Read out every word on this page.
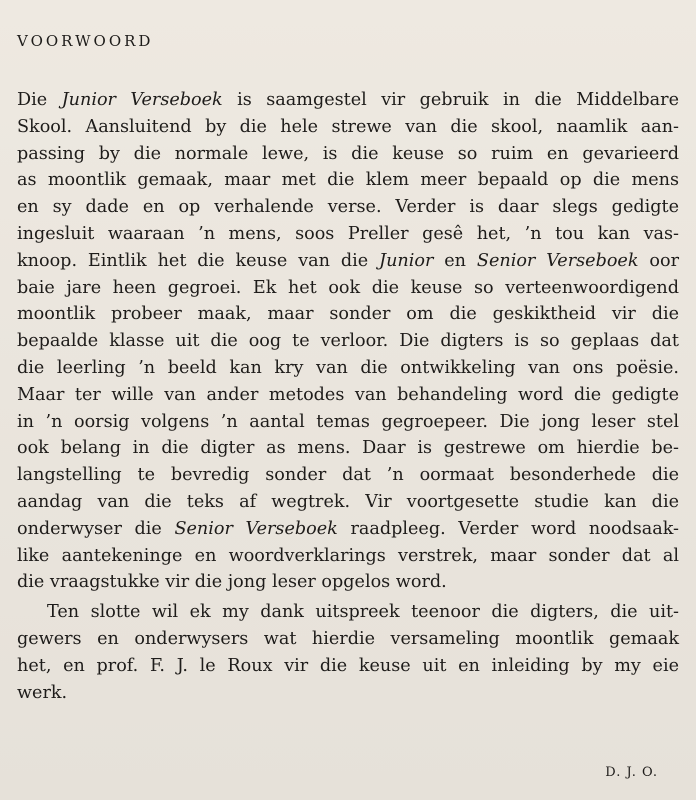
VOORWOORD
Die Junior Verseboek is saamgestel vir gebruik in die Middelbare
Skool. Aansluitend by die hele strewe van die skool, naamlik aan-
passing by die normale lewe, is die keuse so ruim en gevarieerd
as moontlik gemaak, maar met die klem meer bepaald op die mens
en sy dade en op verhalende verse. Verder is daar slegs gedigte
ingesluit waaraan ’n mens, soos Preller gesê het, ’n tou kan vas-
knoop. Eintlik het die keuse van die Junior en Senior Verseboek oor
baie jare heen gegroei. Ek het ook die keuse so verteenwoordigend
moontlik probeer maak, maar sonder om die geskiktheid vir die
bepaalde klasse uit die oog te verloor. Die digters is so geplaas dat
die leerling ’n beeld kan kry van die ontwikkeling van ons poësie.
Maar ter wille van ander metodes van behandeling word die gedigte
in ’n oorsig volgens ’n aantal temas gegroepeer. Die jong leser stel
ook belang in die digter as mens. Daar is gestrewe om hierdie be-
langstelling te bevredig sonder dat ’n oormaat besonderhede die
aandag van die teks af wegtrek. Vir voortgesette studie kan die
onderwyser die Senior Verseboek raadpleeg. Verder word noodsaak-
like aantekeninge en woordverklarings verstrek, maar sonder dat al
die vraagstukke vir die jong leser opgelos word.
Ten slotte wil ek my dank uitspreek teenoor die digters, die uit-
gewers en onderwysers wat hierdie versameling moontlik gemaak
het, en prof. F. J. le Roux vir die keuse uit en inleiding by my eie
werk.
D. J. O.
